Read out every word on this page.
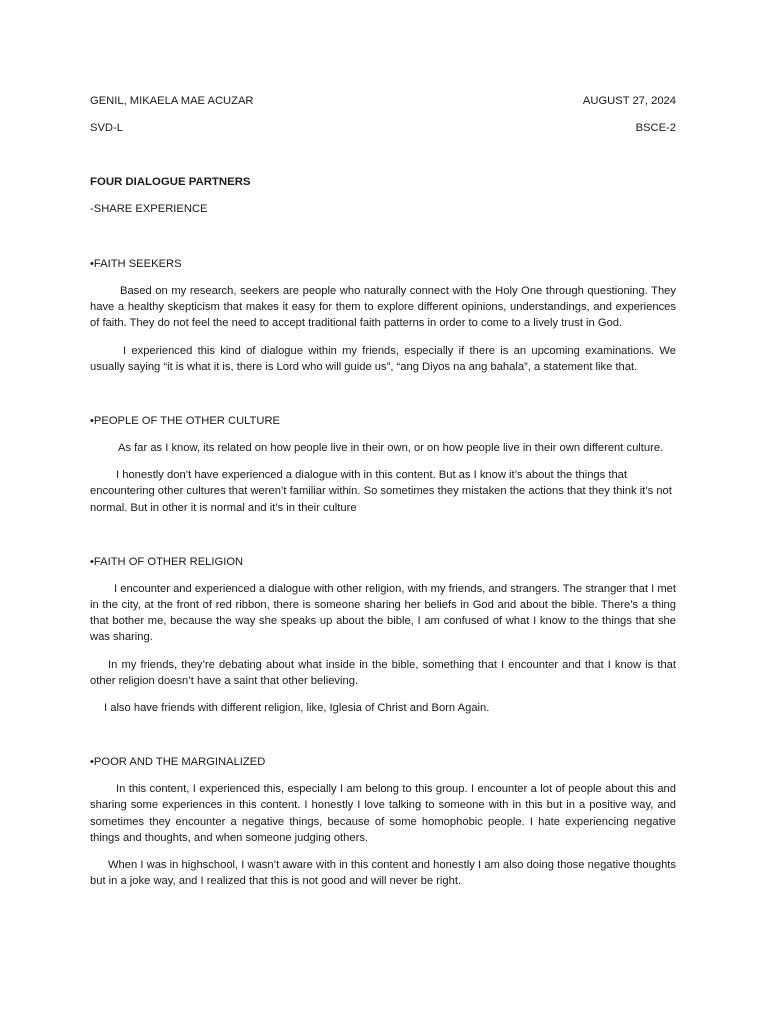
GENIL, MIKAELA MAE ACUZAR	AUGUST 27, 2024
SVD-L	BSCE-2
FOUR DIALOGUE PARTNERS
-SHARE EXPERIENCE
•FAITH SEEKERS

Based on my research, seekers are people who naturally connect with the Holy One through questioning. They have a healthy skepticism that makes it easy for them to explore different opinions, understandings, and experiences of faith. They do not feel the need to accept traditional faith patterns in order to come to a lively trust in God.

I experienced this kind of dialogue within my friends, especially if there is an upcoming examinations. We usually saying “it is what it is, there is Lord who will guide us”, “ang Diyos na ang bahala”, a statement like that.

•PEOPLE OF THE OTHER CULTURE

As far as I know, its related on how people live in their own, or on how people live in their own different culture.

I honestly don’t have experienced a dialogue with in this content. But as I know it’s about the things that encountering other cultures that weren’t familiar within. So sometimes they mistaken the actions that they think it’s not normal. But in other it is normal and it’s in their culture

•FAITH OF OTHER RELIGION

I encounter and experienced a dialogue with other religion, with my friends, and strangers. The stranger that I met in the city, at the front of red ribbon, there is someone sharing her beliefs in God and about the bible. There’s a thing that bother me, because the way she speaks up about the bible, I am confused of what I know to the things that she was sharing.

In my friends, they’re debating about what inside in the bible, something that I encounter and that I know is that other religion doesn’t have a saint that other believing.

I also have friends with different religion, like, Iglesia of Christ and Born Again.

•POOR AND THE MARGINALIZED

In this content, I experienced this, especially I am belong to this group. I encounter a lot of people about this and sharing some experiences in this content. I honestly I love talking to someone with in this but in a positive way, and sometimes they encounter a negative things, because of some homophobic people. I hate experiencing negative things and thoughts, and when someone judging others.

When I was in highschool, I wasn’t aware with in this content and honestly I am also doing those negative thoughts but in a joke way, and I realized that this is not good and will never be right.
